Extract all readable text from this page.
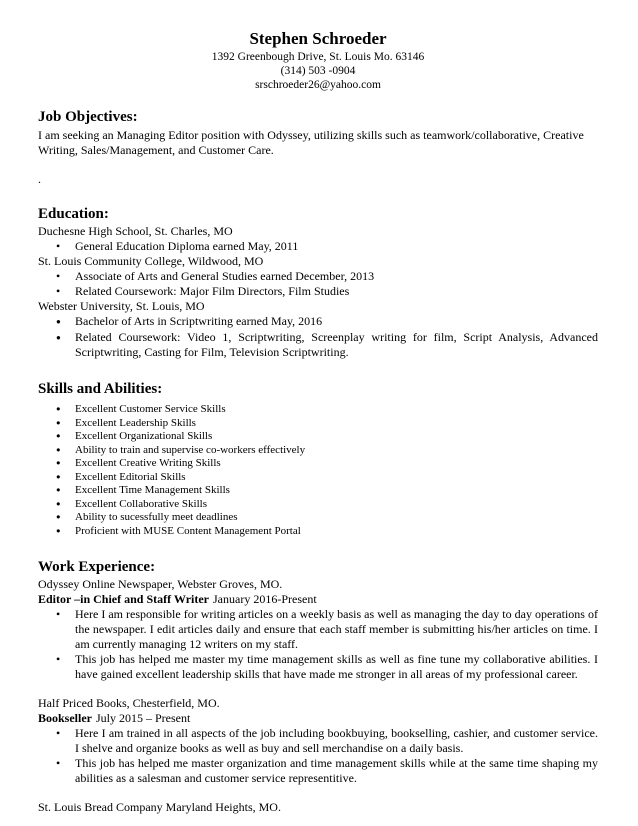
Stephen Schroeder
1392 Greenbough Drive, St. Louis Mo. 63146
(314) 503 -0904
srschroeder26@yahoo.com
Job Objectives:

I am seeking an Managing Editor position with Odyssey, utilizing skills such as teamwork/collaborative, Creative Writing, Sales/Management, and Customer Care.

.
Education:
Duchesne High School, St. Charles, MO
•
General Education Diploma earned May, 2011
St. Louis Community College, Wildwood, MO
•
Associate of Arts and General Studies earned December, 2013
•
Related Coursework: Major Film Directors, Film Studies
Webster University, St. Louis, MO
●
Bachelor of Arts in Scriptwriting earned May, 2016
●
Related Coursework: Video 1, Scriptwriting, Screenplay writing for film, Script Analysis, Advanced Scriptwriting, Casting for Film, Television Scriptwriting.
Skills and Abilities:
●
Excellent Customer Service Skills
●
Excellent Leadership Skills
●
Excellent Organizational Skills
●
Ability to train and supervise co-workers effectively
●
Excellent Creative Writing Skills
●
Excellent Editorial Skills
●
Excellent Time Management Skills
●
Excellent Collaborative Skills
●
Ability to sucessfully meet deadlines
●
Proficient with MUSE Content Management Portal
Work Experience:
Odyssey Online Newspaper, Webster Groves, MO.
Editor –in Chief and Staff Writer January 2016-Present
•
Here I am responsible for writing articles on a weekly basis as well as managing the day to day operations of the newspaper. I edit articles daily and ensure that each staff member is submitting his/her articles on time. I am currently managing 12 writers on my staff.
•
This job has helped me master my time management skills as well as fine tune my collaborative abilities. I have gained excellent leadership skills that have made me stronger in all areas of my professional career.
Half Priced Books, Chesterfield, MO.
Bookseller July 2015 – Present
•
Here I am trained in all aspects of the job including bookbuying, bookselling, cashier, and customer service. I shelve and organize books as well as buy and sell merchandise on a daily basis.
•
This job has helped me master organization and time management skills while at the same time shaping my abilities as a salesman and customer service representitive.
St. Louis Bread Company Maryland Heights, MO.
